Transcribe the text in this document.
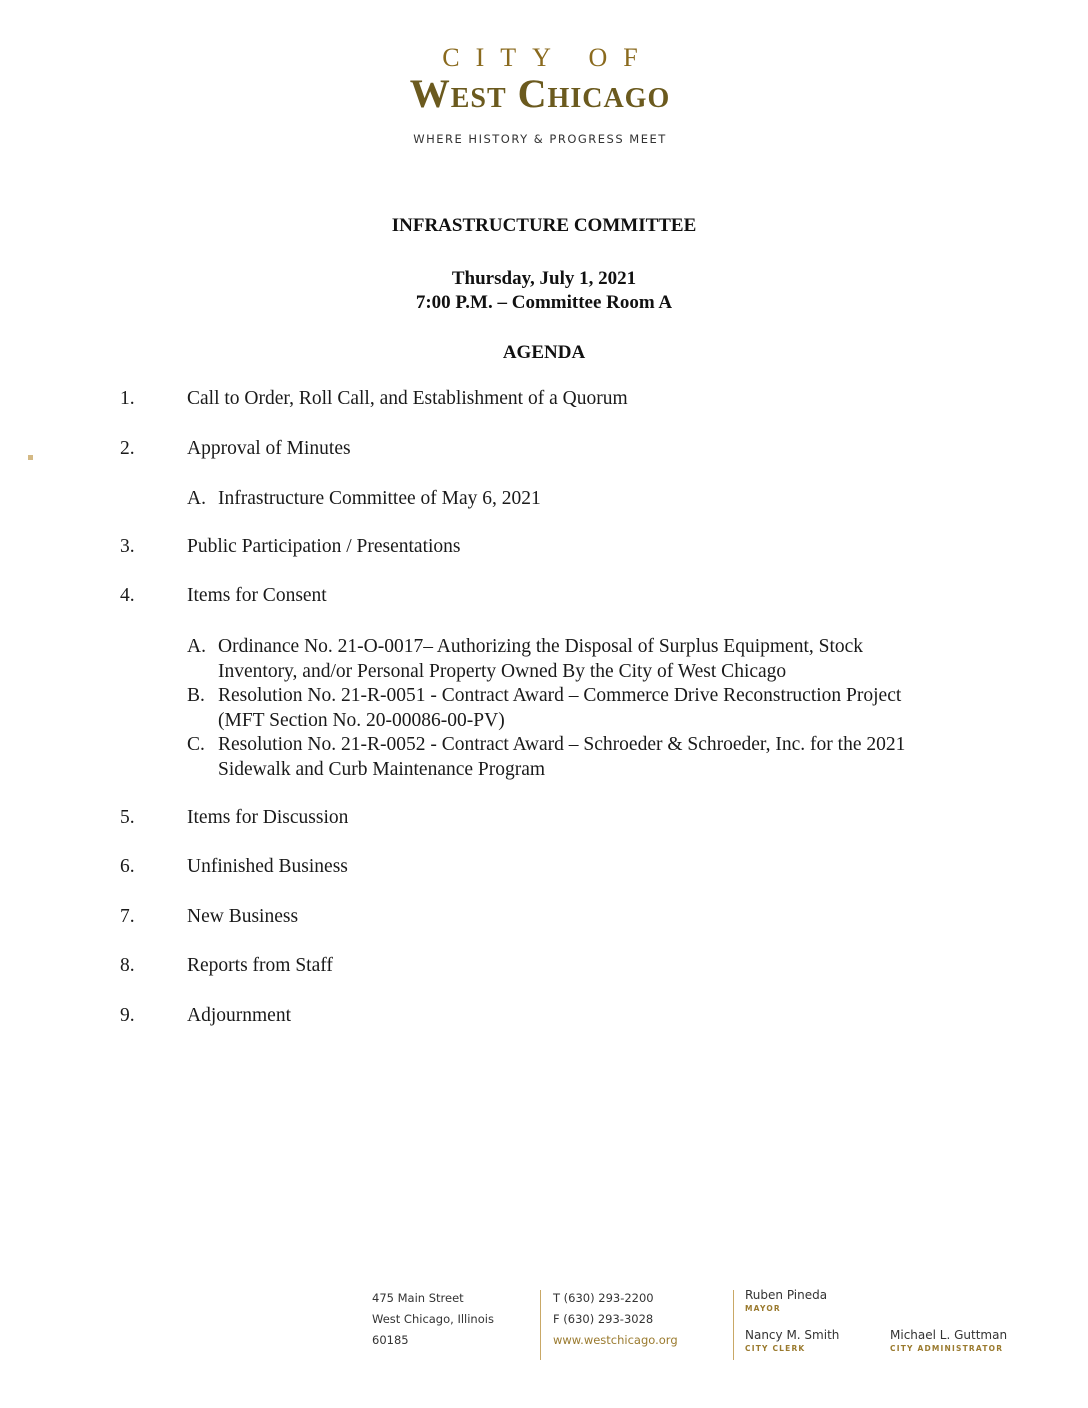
CITY OF
West Chicago
WHERE HISTORY & PROGRESS MEET
INFRASTRUCTURE COMMITTEE
Thursday, July 1, 2021
7:00 P.M. – Committee Room A
AGENDA
1.	Call to Order, Roll Call, and Establishment of a Quorum
2.	Approval of Minutes
A. Infrastructure Committee of May 6, 2021
3.	Public Participation / Presentations
4.	Items for Consent
A. Ordinance No. 21-O-0017– Authorizing the Disposal of Surplus Equipment, Stock Inventory, and/or Personal Property Owned By the City of West Chicago
B. Resolution No. 21-R-0051 - Contract Award – Commerce Drive Reconstruction Project (MFT Section No. 20-00086-00-PV)
C. Resolution No. 21-R-0052 - Contract Award – Schroeder & Schroeder, Inc. for the 2021 Sidewalk and Curb Maintenance Program
5.	Items for Discussion
6.	Unfinished Business
7.	New Business
8.	Reports from Staff
9.	Adjournment
475 Main Street
West Chicago, Illinois
60185
T (630) 293-2200
F (630) 293-3028
www.westchicago.org
Ruben Pineda
MAYOR
Nancy M. Smith
CITY CLERK
Michael L. Guttman
CITY ADMINISTRATOR
